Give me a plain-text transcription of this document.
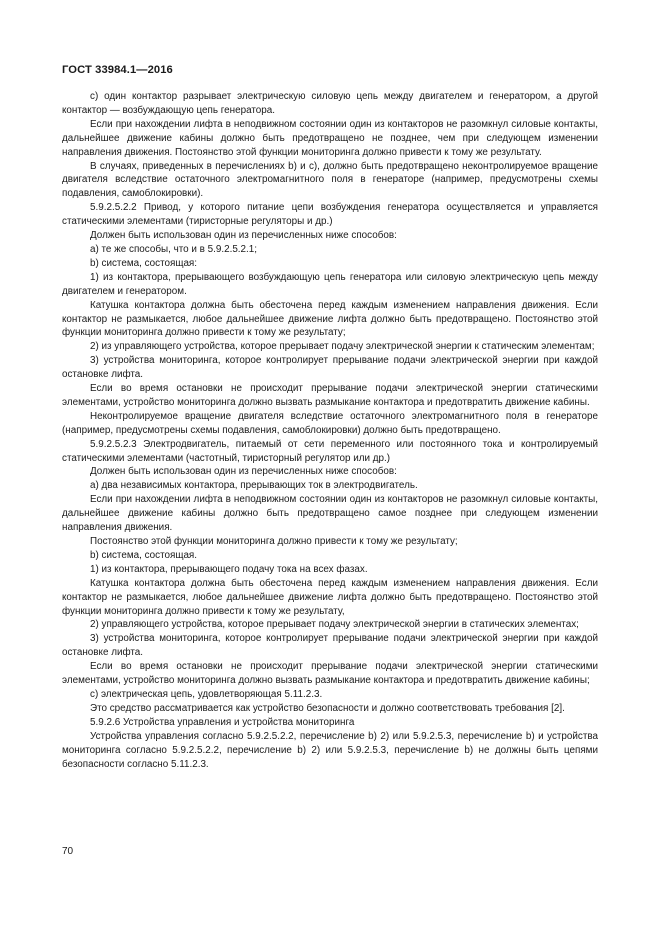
ГОСТ 33984.1—2016

c) один контактор разрывает электрическую силовую цепь между двигателем и генератором, а другой контактор — возбуждающую цепь генератора.

Если при нахождении лифта в неподвижном состоянии один из контакторов не разомкнул силовые контакты, дальнейшее движение кабины должно быть предотвращено не позднее, чем при следующем изменении направления движения. Постоянство этой функции мониторинга должно привести к тому же результату.

В случаях, приведенных в перечислениях b) и c), должно быть предотвращено неконтролируемое вращение двигателя вследствие остаточного электромагнитного поля в генераторе (например, предусмотрены схемы подавления, самоблокировки).

5.9.2.5.2.2 Привод, у которого питание цепи возбуждения генератора осуществляется и управляется статическими элементами (тиристорные регуляторы и др.)

Должен быть использован один из перечисленных ниже способов:

a) те же способы, что и в 5.9.2.5.2.1;

b) система, состоящая:

1) из контактора, прерывающего возбуждающую цепь генератора или силовую электрическую цепь между двигателем и генератором.

Катушка контактора должна быть обесточена перед каждым изменением направления движения. Если контактор не размыкается, любое дальнейшее движение лифта должно быть предотвращено. Постоянство этой функции мониторинга должно привести к тому же результату;

2) из управляющего устройства, которое прерывает подачу электрической энергии к статическим элементам;

3) устройства мониторинга, которое контролирует прерывание подачи электрической энергии при каждой остановке лифта.

Если во время остановки не происходит прерывание подачи электрической энергии статическими элементами, устройство мониторинга должно вызвать размыкание контактора и предотвратить движение кабины.

Неконтролируемое вращение двигателя вследствие остаточного электромагнитного поля в генераторе (например, предусмотрены схемы подавления, самоблокировки) должно быть предотвращено.

5.9.2.5.2.3 Электродвигатель, питаемый от сети переменного или постоянного тока и контролируемый статическими элементами (частотный, тиристорный регулятор или др.)

Должен быть использован один из перечисленных ниже способов:

a) два независимых контактора, прерывающих ток в электродвигатель.

Если при нахождении лифта в неподвижном состоянии один из контакторов не разомкнул силовые контакты, дальнейшее движение кабины должно быть предотвращено самое позднее при следующем изменении направления движения.

Постоянство этой функции мониторинга должно привести к тому же результату;

b) система, состоящая.

1) из контактора, прерывающего подачу тока на всех фазах.

Катушка контактора должна быть обесточена перед каждым изменением направления движения. Если контактор не размыкается, любое дальнейшее движение лифта должно быть предотвращено. Постоянство этой функции мониторинга должно привести к тому же результату,

2) управляющего устройства, которое прерывает подачу электрической энергии в статических элементах;

3) устройства мониторинга, которое контролирует прерывание подачи электрической энергии при каждой остановке лифта.

Если во время остановки не происходит прерывание подачи электрической энергии статическими элементами, устройство мониторинга должно вызвать размыкание контактора и предотвратить движение кабины;

c) электрическая цепь, удовлетворяющая 5.11.2.3.

Это средство рассматривается как устройство безопасности и должно соответствовать требования [2].

5.9.2.6 Устройства управления и устройства мониторинга

Устройства управления согласно 5.9.2.5.2.2, перечисление b) 2) или 5.9.2.5.3, перечисление b) и устройства мониторинга согласно 5.9.2.5.2.2, перечисление b) 2) или 5.9.2.5.3, перечисление b) не должны быть цепями безопасности согласно 5.11.2.3.

70
